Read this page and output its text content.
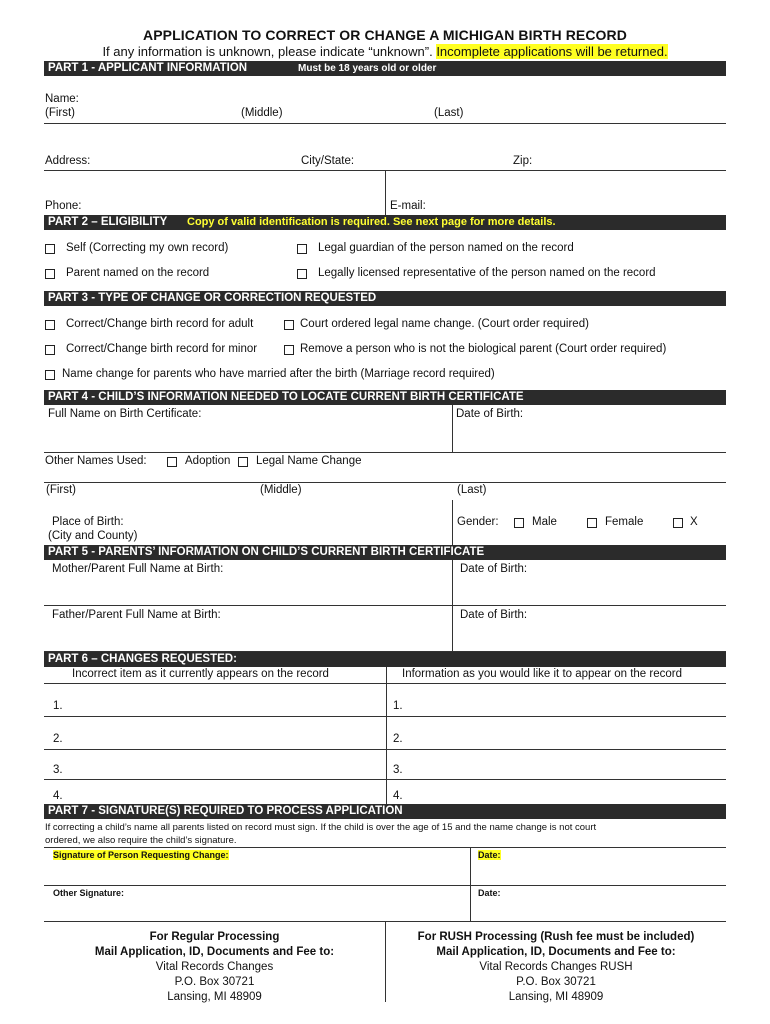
APPLICATION TO CORRECT OR CHANGE A MICHIGAN BIRTH RECORD
If any information is unknown, please indicate “unknown”. Incomplete applications will be returned.
PART 1 - APPLICANT INFORMATION	Must be 18 years old or older
Name:
(First)	(Middle)	(Last)
Address:	City/State:	Zip:
Phone:	E-mail:
PART 2 – ELIGIBILITY Copy of valid identification is required. See next page for more details.
Self (Correcting my own record)	Legal guardian of the person named on the record
Parent named on the record	Legally licensed representative of the person named on the record
PART 3 - TYPE OF CHANGE OR CORRECTION REQUESTED
Correct/Change birth record for adult	Court ordered legal name change. (Court order required)
Correct/Change birth record for minor	Remove a person who is not the biological parent (Court order required)
Name change for parents who have married after the birth (Marriage record required)
PART 4 - CHILD’S INFORMATION NEEDED TO LOCATE CURRENT BIRTH CERTIFICATE
Full Name on Birth Certificate:	Date of Birth:
Other Names Used:	Adoption Legal Name Change
(First)	(Middle)	(Last)
Place of Birth:
(City and County)
Gender:	Male	Female	X
PART 5 - PARENTS’ INFORMATION ON CHILD’S CURRENT BIRTH CERTIFICATE
Mother/Parent Full Name at Birth:	Date of Birth:
Father/Parent Full Name at Birth:	Date of Birth:
PART 6 – CHANGES REQUESTED:
Incorrect item as it currently appears on the record	Information as you would like it to appear on the record
1.	1.
2.	2.
3.	3.
4.	4.
PART 7 - SIGNATURE(S) REQUIRED TO PROCESS APPLICATION
If correcting a child’s name all parents listed on record must sign. If the child is over the age of 15 and the name change is not court
ordered, we also require the child’s signature.
Signature of Person Requesting Change:	Date:
Other Signature:	Date:
For Regular Processing
Mail Application, ID, Documents and Fee to:
Vital Records Changes
P.O. Box 30721
Lansing, MI 48909
For RUSH Processing (Rush fee must be included)
Mail Application, ID, Documents and Fee to:
Vital Records Changes RUSH
P.O. Box 30721
Lansing, MI 48909
